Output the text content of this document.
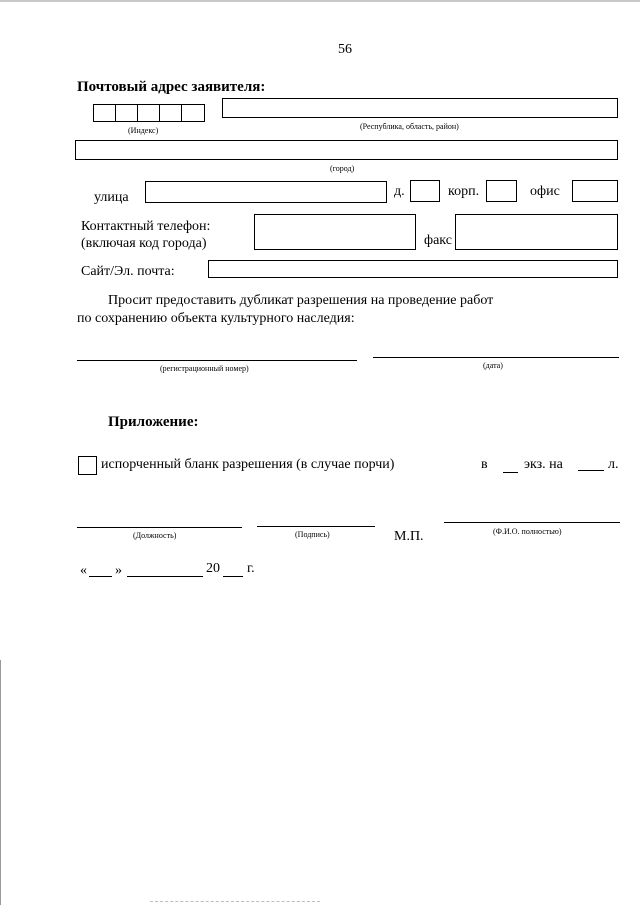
56
Почтовый адрес заявителя:
(Индекс)	(Республика, область, район)
(город)
улица	д.	корп.	офис
Контактный телефон:
(включая код города)	факс
Сайт/Эл. почта:
Просит предоставить дубликат разрешения на проведение работ
по сохранению объекта культурного наследия:
(регистрационный номер)	(дата)
Приложение:
испорченный бланк разрешения (в случае порчи)	в	экз. на	л.
(Должность)	(Подпись)	М.П.	(Ф.И.О. полностью)
« »	20 г.
